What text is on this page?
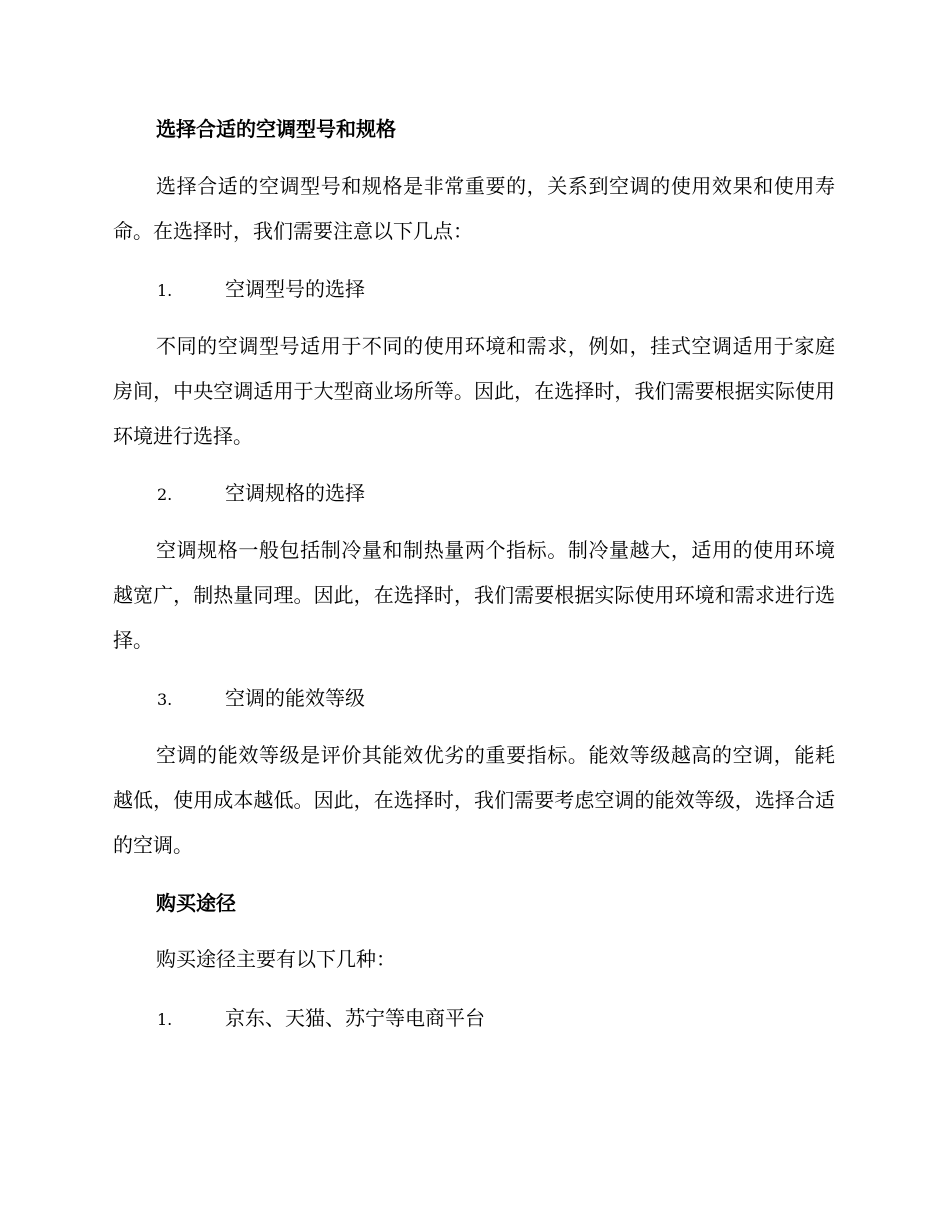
选择合适的空调型号和规格

选择合适的空调型号和规格是非常重要的，关系到空调的使用效果和使用寿命。在选择时，我们需要注意以下几点：

1.	空调型号的选择

不同的空调型号适用于不同的使用环境和需求，例如，挂式空调适用于家庭房间，中央空调适用于大型商业场所等。因此，在选择时，我们需要根据实际使用环境进行选择。

2.	空调规格的选择

空调规格一般包括制冷量和制热量两个指标。制冷量越大，适用的使用环境越宽广，制热量同理。因此，在选择时，我们需要根据实际使用环境和需求进行选择。

3.	空调的能效等级

空调的能效等级是评价其能效优劣的重要指标。能效等级越高的空调，能耗越低，使用成本越低。因此，在选择时，我们需要考虑空调的能效等级，选择合适的空调。

购买途径

购买途径主要有以下几种：

1.	京东、天猫、苏宁等电商平台
